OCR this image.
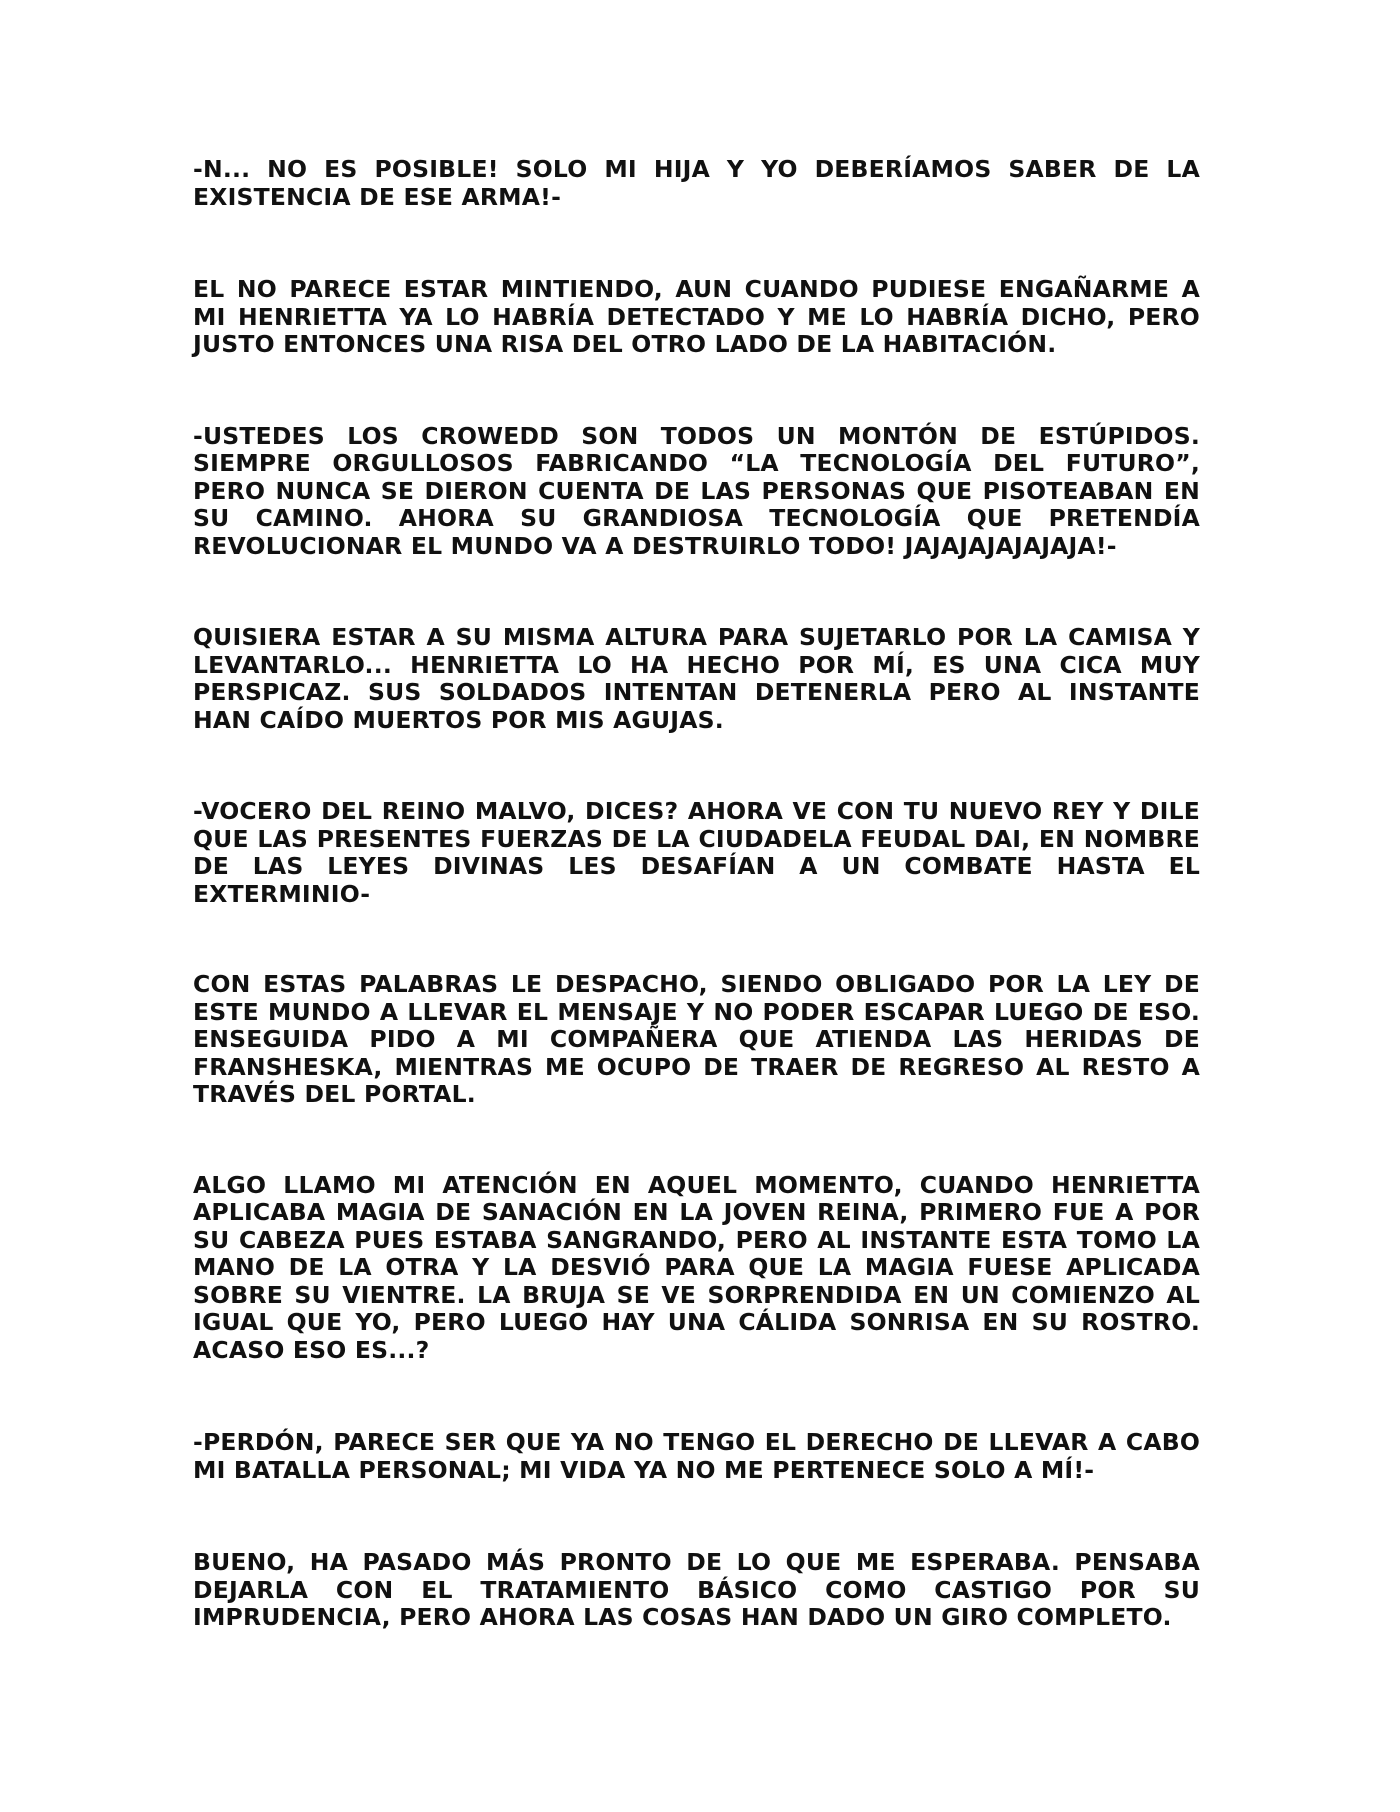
-N... NO ES POSIBLE! SOLO MI HIJA Y YO DEBERÍAMOS SABER DE LA EXISTENCIA DE ESE ARMA!-

EL NO PARECE ESTAR MINTIENDO, AUN CUANDO PUDIESE ENGAÑARME A MI HENRIETTA YA LO HABRÍA DETECTADO Y ME LO HABRÍA DICHO, PERO JUSTO ENTONCES UNA RISA DEL OTRO LADO DE LA HABITACIÓN.

-USTEDES LOS CROWEDD SON TODOS UN MONTÓN DE ESTÚPIDOS. SIEMPRE ORGULLOSOS FABRICANDO “LA TECNOLOGÍA DEL FUTURO”, PERO NUNCA SE DIERON CUENTA DE LAS PERSONAS QUE PISOTEABAN EN SU CAMINO. AHORA SU GRANDIOSA TECNOLOGÍA QUE PRETENDÍA REVOLUCIONAR EL MUNDO VA A DESTRUIRLO TODO! JAJAJAJAJAJAJA!-

QUISIERA ESTAR A SU MISMA ALTURA PARA SUJETARLO POR LA CAMISA Y LEVANTARLO... HENRIETTA LO HA HECHO POR MÍ, ES UNA CICA MUY PERSPICAZ. SUS SOLDADOS INTENTAN DETENERLA PERO AL INSTANTE HAN CAÍDO MUERTOS POR MIS AGUJAS.

-VOCERO DEL REINO MALVO, DICES? AHORA VE CON TU NUEVO REY Y DILE QUE LAS PRESENTES FUERZAS DE LA CIUDADELA FEUDAL DAI, EN NOMBRE DE LAS LEYES DIVINAS LES DESAFÍAN A UN COMBATE HASTA EL EXTERMINIO-

CON ESTAS PALABRAS LE DESPACHO, SIENDO OBLIGADO POR LA LEY DE ESTE MUNDO A LLEVAR EL MENSAJE Y NO PODER ESCAPAR LUEGO DE ESO. ENSEGUIDA PIDO A MI COMPAÑERA QUE ATIENDA LAS HERIDAS DE FRANSHESKA, MIENTRAS ME OCUPO DE TRAER DE REGRESO AL RESTO A TRAVÉS DEL PORTAL.

ALGO LLAMO MI ATENCIÓN EN AQUEL MOMENTO, CUANDO HENRIETTA APLICABA MAGIA DE SANACIÓN EN LA JOVEN REINA, PRIMERO FUE A POR SU CABEZA PUES ESTABA SANGRANDO, PERO AL INSTANTE ESTA TOMO LA MANO DE LA OTRA Y LA DESVIÓ PARA QUE LA MAGIA FUESE APLICADA SOBRE SU VIENTRE. LA BRUJA SE VE SORPRENDIDA EN UN COMIENZO AL IGUAL QUE YO, PERO LUEGO HAY UNA CÁLIDA SONRISA EN SU ROSTRO. ACASO ESO ES...?

-PERDÓN, PARECE SER QUE YA NO TENGO EL DERECHO DE LLEVAR A CABO MI BATALLA PERSONAL; MI VIDA YA NO ME PERTENECE SOLO A MÍ!-

BUENO, HA PASADO MÁS PRONTO DE LO QUE ME ESPERABA. PENSABA DEJARLA CON EL TRATAMIENTO BÁSICO COMO CASTIGO POR SU IMPRUDENCIA, PERO AHORA LAS COSAS HAN DADO UN GIRO COMPLETO.
